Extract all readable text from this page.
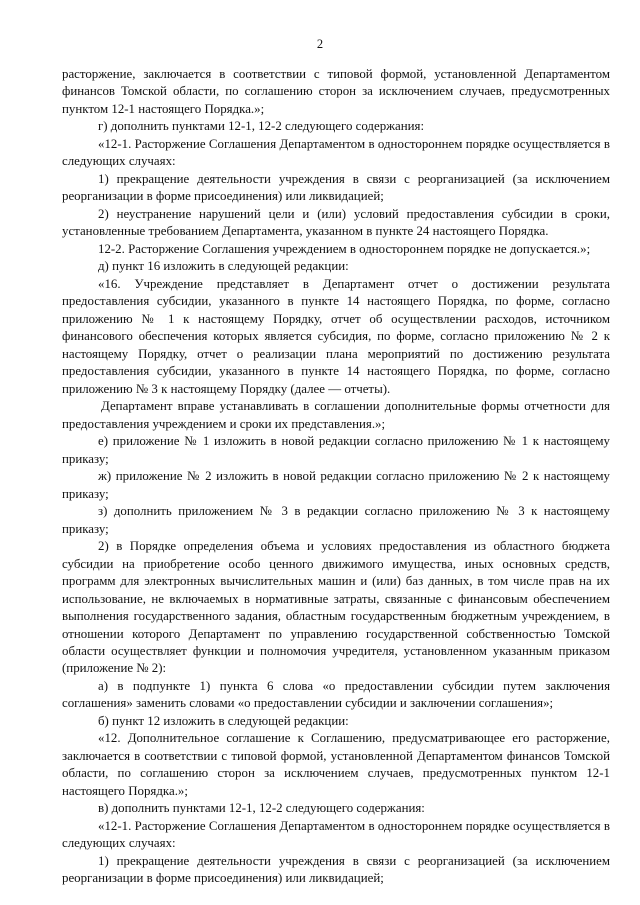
2

расторжение, заключается в соответствии с типовой формой, установленной Департаментом финансов Томской области, по соглашению сторон за исключением случаев, предусмотренных пунктом 12-1 настоящего Порядка.»;

г) дополнить пунктами 12-1, 12-2 следующего содержания:

«12-1. Расторжение Соглашения Департаментом в одностороннем порядке осуществляется в следующих случаях:

1) прекращение деятельности учреждения в связи с реорганизацией (за исключением реорганизации в форме присоединения) или ликвидацией;

2) неустранение нарушений цели и (или) условий предоставления субсидии в сроки, установленные требованием Департамента, указанном в пункте 24 настоящего Порядка.

12-2. Расторжение Соглашения учреждением в одностороннем порядке не допускается.»;

д) пункт 16 изложить в следующей редакции:

«16. Учреждение представляет в Департамент отчет о достижении результата предоставления субсидии, указанного в пункте 14 настоящего Порядка, по форме, согласно приложению № 1 к настоящему Порядку, отчет об осуществлении расходов, источником финансового обеспечения которых является субсидия, по форме, согласно приложению № 2 к настоящему Порядку, отчет о реализации плана мероприятий по достижению результата предоставления субсидии, указанного в пункте 14 настоящего Порядка, по форме, согласно приложению № 3 к настоящему Порядку (далее — отчеты).

Департамент вправе устанавливать в соглашении дополнительные формы отчетности для предоставления учреждением и сроки их представления.»;

е) приложение № 1 изложить в новой редакции согласно приложению № 1 к настоящему приказу;

ж) приложение № 2 изложить в новой редакции согласно приложению № 2 к настоящему приказу;

з) дополнить приложением № 3 в редакции согласно приложению № 3 к настоящему приказу;

2) в Порядке определения объема и условиях предоставления из областного бюджета субсидии на приобретение особо ценного движимого имущества, иных основных средств, программ для электронных вычислительных машин и (или) баз данных, в том числе прав на их использование, не включаемых в нормативные затраты, связанные с финансовым обеспечением выполнения государственного задания, областным государственным бюджетным учреждением, в отношении которого Департамент по управлению государственной собственностью Томской области осуществляет функции и полномочия учредителя, установленном указанным приказом (приложение № 2):

а) в подпункте 1) пункта 6 слова «о предоставлении субсидии путем заключения соглашения» заменить словами «о предоставлении субсидии и заключении соглашения»;

б) пункт 12 изложить в следующей редакции:

«12. Дополнительное соглашение к Соглашению, предусматривающее его расторжение, заключается в соответствии с типовой формой, установленной Департаментом финансов Томской области, по соглашению сторон за исключением случаев, предусмотренных пунктом 12-1 настоящего Порядка.»;

в) дополнить пунктами 12-1, 12-2 следующего содержания:

«12-1. Расторжение Соглашения Департаментом в одностороннем порядке осуществляется в следующих случаях:

1) прекращение деятельности учреждения в связи с реорганизацией (за исключением реорганизации в форме присоединения) или ликвидацией;
